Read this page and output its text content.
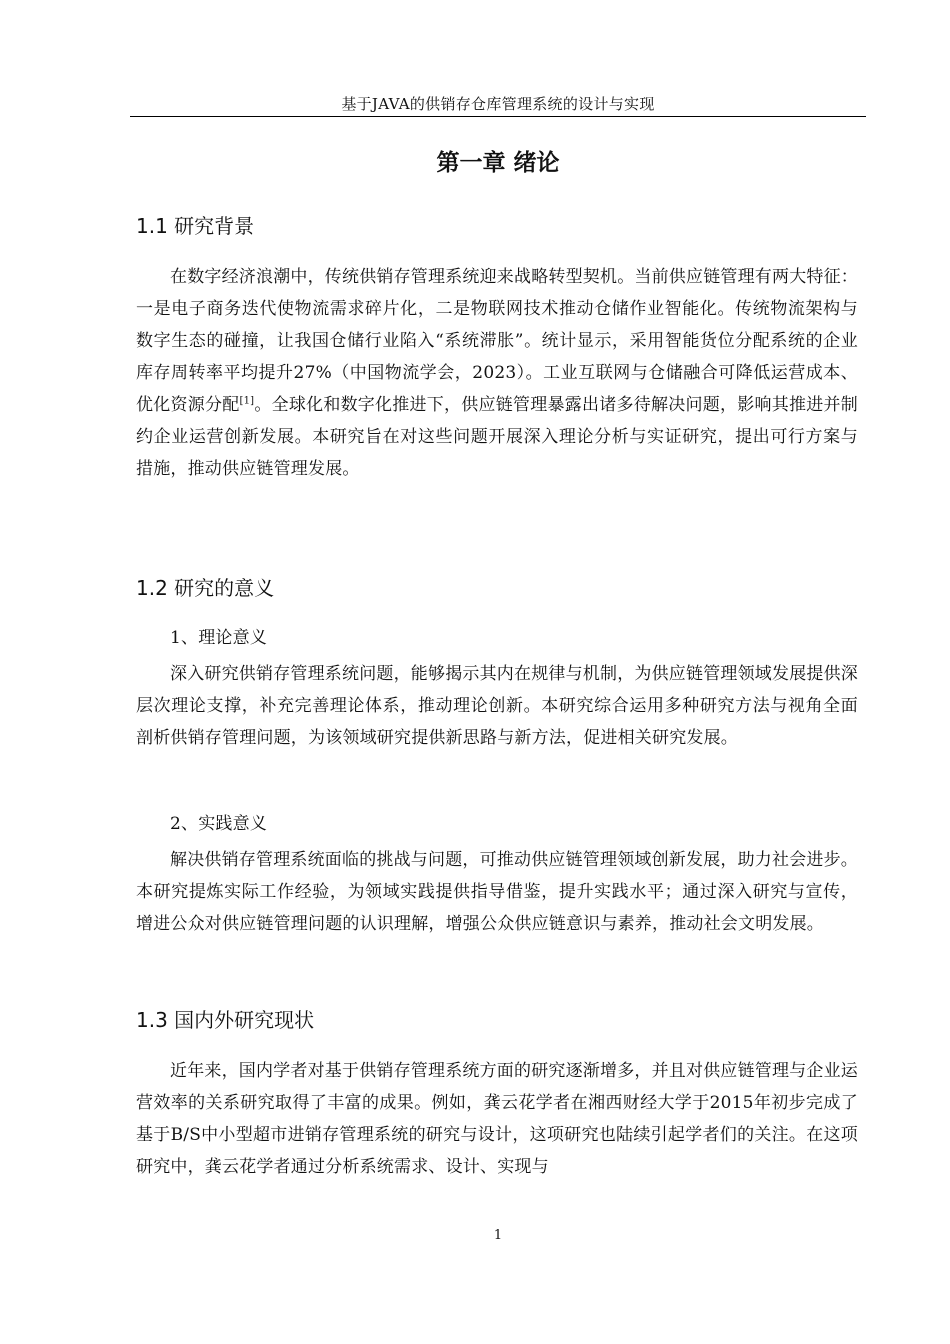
基于JAVA的供销存仓库管理系统的设计与实现
第一章 绪论
1.1 研究背景
在数字经济浪潮中，传统供销存管理系统迎来战略转型契机。当前供应链管理有两大特征：一是电子商务迭代使物流需求碎片化，二是物联网技术推动仓储作业智能化。传统物流架构与数字生态的碰撞，让我国仓储行业陷入“系统滞胀”。统计显示，采用智能货位分配系统的企业库存周转率平均提升27%（中国物流学会，2023）。工业互联网与仓储融合可降低运营成本、优化资源分配[1]。全球化和数字化推进下，供应链管理暴露出诸多待解决问题，影响其推进并制约企业运营创新发展。本研究旨在对这些问题开展深入理论分析与实证研究，提出可行方案与措施，推动供应链管理发展。
1.2 研究的意义
1、理论意义
深入研究供销存管理系统问题，能够揭示其内在规律与机制，为供应链管理领域发展提供深层次理论支撑，补充完善理论体系，推动理论创新。本研究综合运用多种研究方法与视角全面剖析供销存管理问题，为该领域研究提供新思路与新方法，促进相关研究发展。
2、实践意义
解决供销存管理系统面临的挑战与问题，可推动供应链管理领域创新发展，助力社会进步。本研究提炼实际工作经验，为领域实践提供指导借鉴，提升实践水平；通过深入研究与宣传，增进公众对供应链管理问题的认识理解，增强公众供应链意识与素养，推动社会文明发展。
1.3 国内外研究现状
近年来，国内学者对基于供销存管理系统方面的研究逐渐增多，并且对供应链管理与企业运营效率的关系研究取得了丰富的成果。例如，龚云花学者在湘西财经大学于2015年初步完成了基于B/S中小型超市进销存管理系统的研究与设计，这项研究也陆续引起学者们的关注。在这项研究中，龚云花学者通过分析系统需求、设计、实现与
1
